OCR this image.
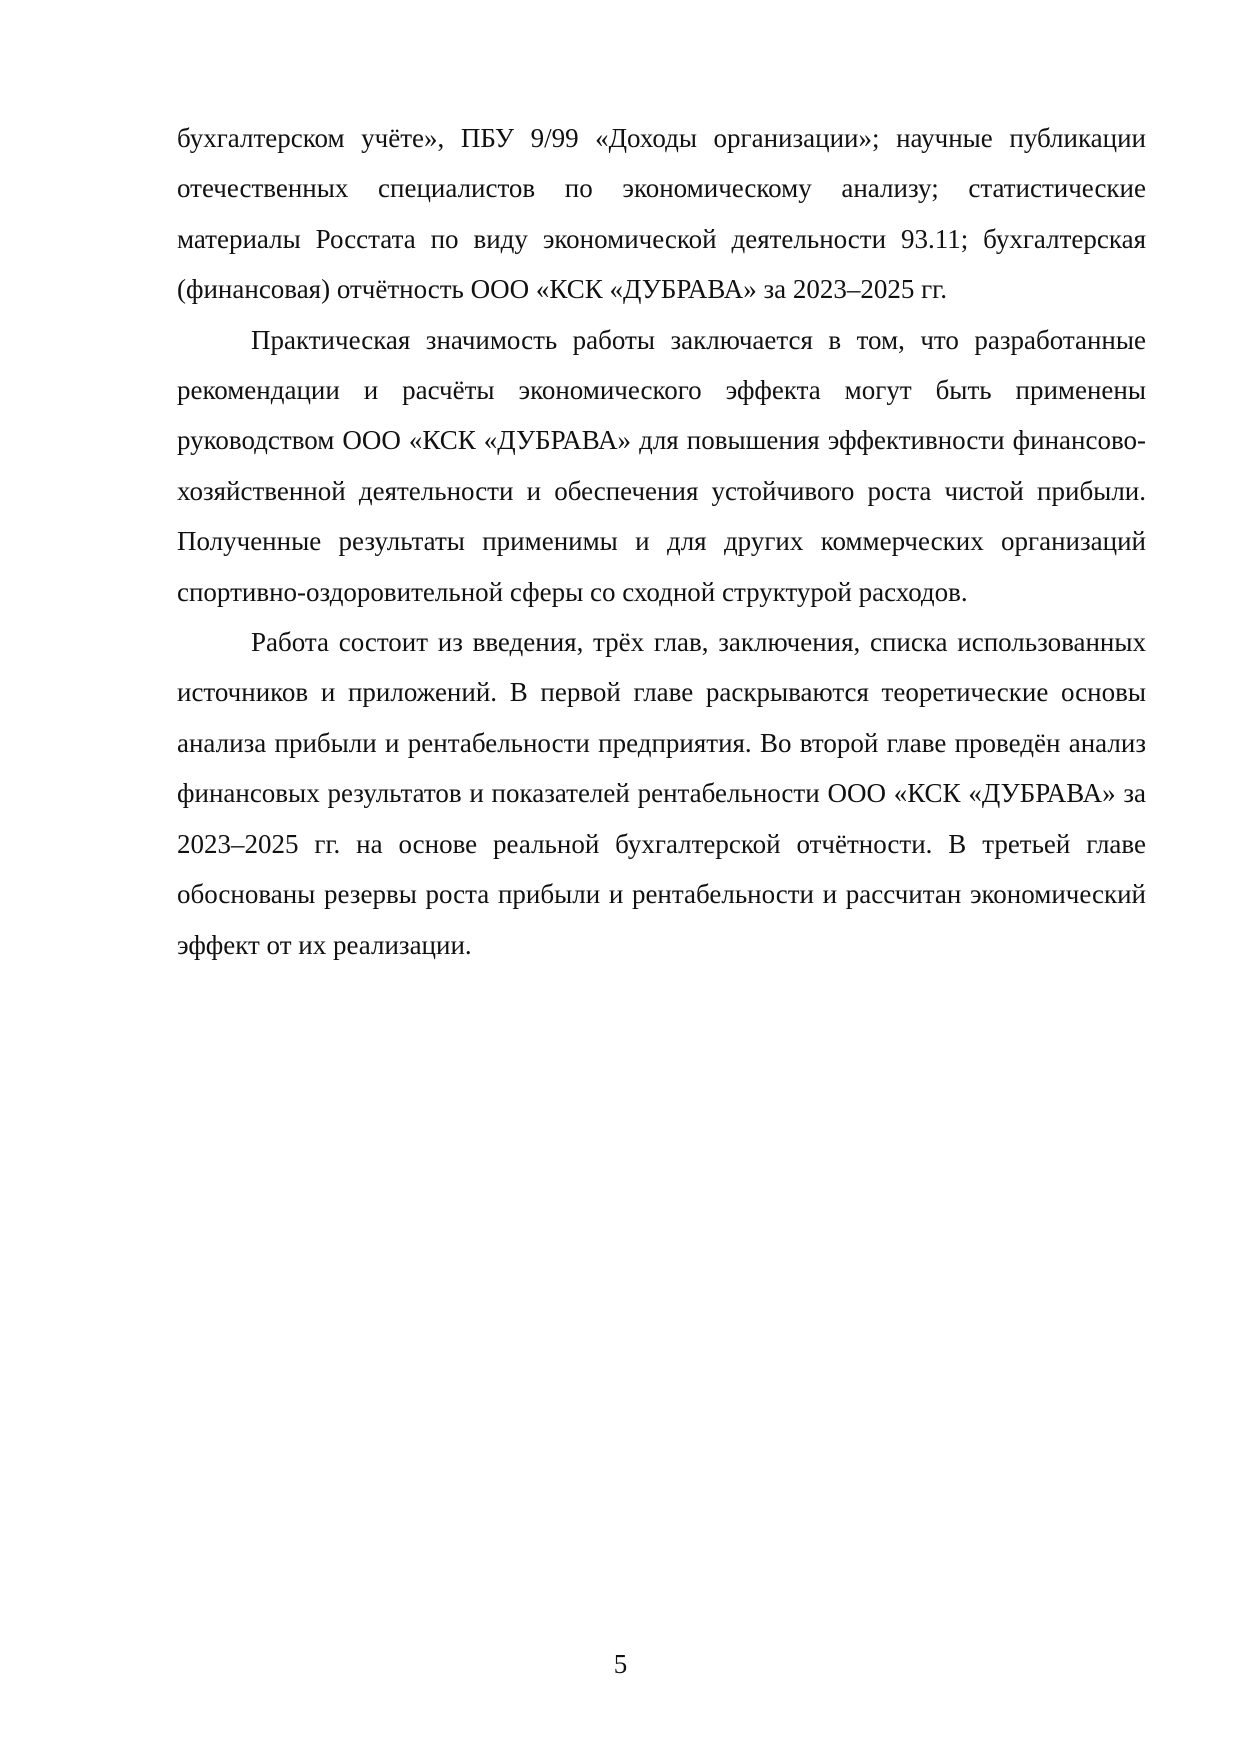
бухгалтерском учёте», ПБУ 9/99 «Доходы организации»; научные публикации отечественных специалистов по экономическому анализу; статистические материалы Росстата по виду экономической деятельности 93.11; бухгалтерская (финансовая) отчётность ООО «КСК «ДУБРАВА» за 2023–2025 гг.

Практическая значимость работы заключается в том, что разработанные рекомендации и расчёты экономического эффекта могут быть применены руководством ООО «КСК «ДУБРАВА» для повышения эффективности финансово-хозяйственной деятельности и обеспечения устойчивого роста чистой прибыли. Полученные результаты применимы и для других коммерческих организаций спортивно-оздоровительной сферы со сходной структурой расходов.

Работа состоит из введения, трёх глав, заключения, списка использованных источников и приложений. В первой главе раскрываются теоретические основы анализа прибыли и рентабельности предприятия. Во второй главе проведён анализ финансовых результатов и показателей рентабельности ООО «КСК «ДУБРАВА» за 2023–2025 гг. на основе реальной бухгалтерской отчётности. В третьей главе обоснованы резервы роста прибыли и рентабельности и рассчитан экономический эффект от их реализации.

5
